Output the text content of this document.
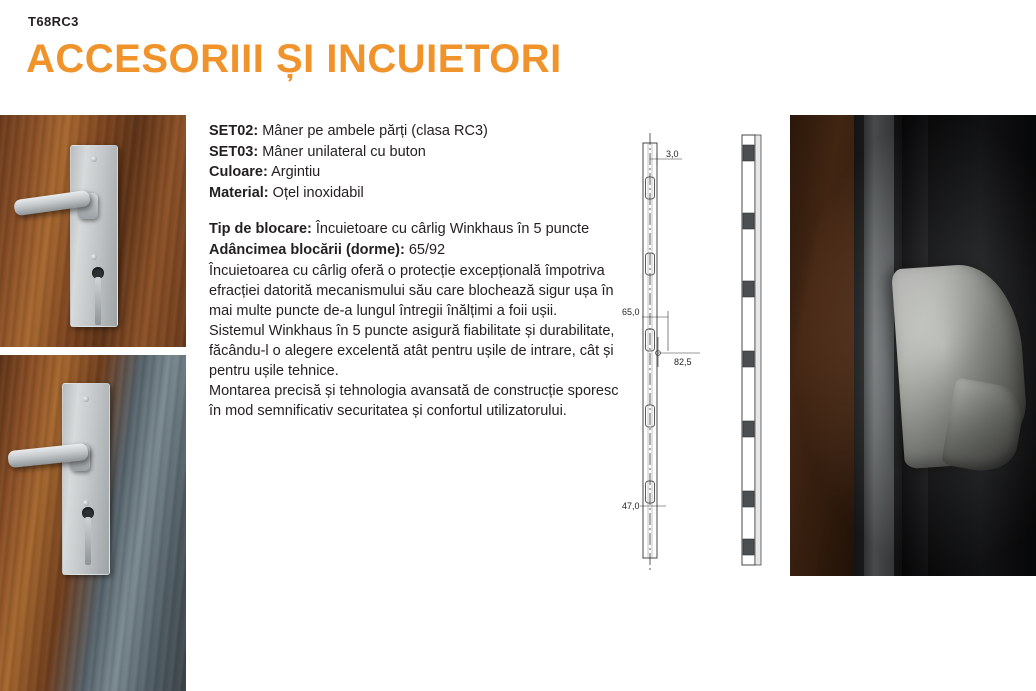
T68RC3
ACCESORIII ȘI INCUIETORI
SET02: Mâner pe ambele părți (clasa RC3)
SET03: Mâner unilateral cu buton
Culoare: Argintiu
Material: Oțel inoxidabil
Tip de blocare: Încuietoare cu cârlig Winkhaus în 5 puncte
Adâncimea blocării (dorme): 65/92

Încuietoarea cu cârlig oferă o protecție excepțională împotriva efracției datorită mecanismului său care blochează sigur ușa în mai multe puncte de-a lungul întregii înălțimi a foii ușii.

Sistemul Winkhaus în 5 puncte asigură fiabilitate și durabilitate, făcându-l o alegere excelentă atât pentru ușile de intrare, cât și pentru ușile tehnice.

Montarea precisă și tehnologia avansată de construcție sporesc în mod semnificativ securitatea și confortul utilizatorului.

3,0
65,0
82,5
47,0
